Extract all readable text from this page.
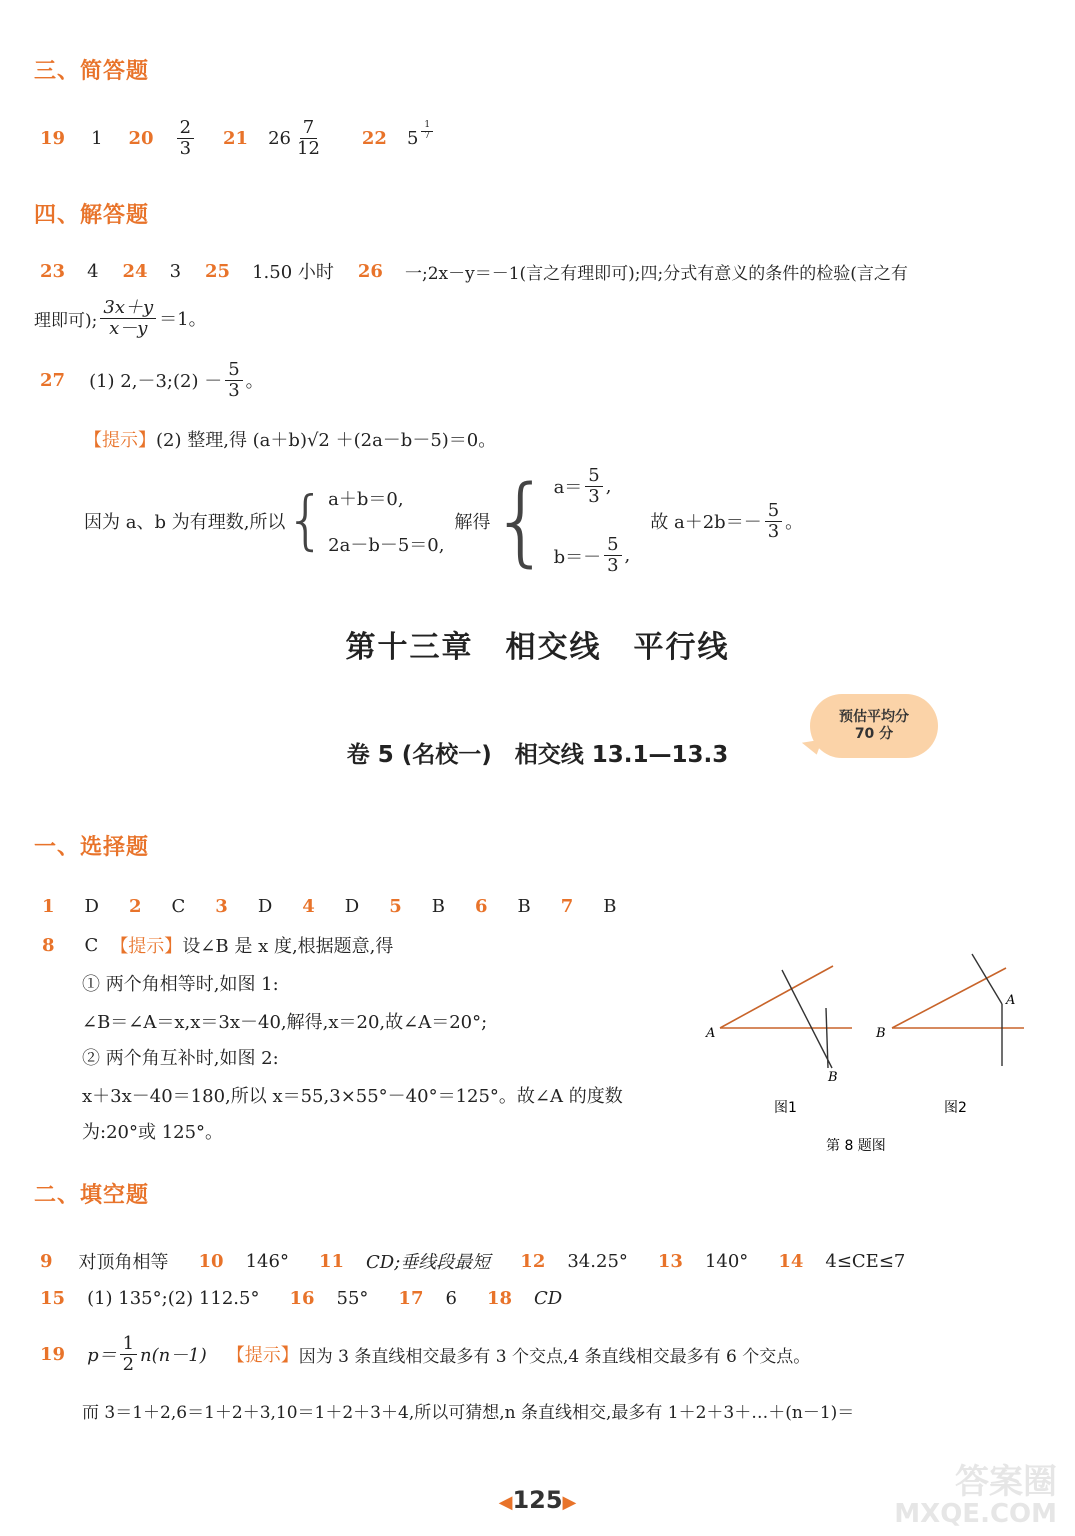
三、简答题
19 1 $20 \frac{2}{3} 21$ $26 \frac{7}{12} 22$ $5 \frac{1}{7}$
四、解答题
23 4 24 3 25 1.50 小时 26 一;2x－y＝－1(言之有理即可);四;分式有意义的条件的检验(言之有
理即可); $\frac{3x+y}{x-y} =1$。
27 (1) 2,－3;(2) － $\frac{5}{3}$ 。
【提示】 (2) 整理,得 (a＋b)√2 ＋(2a－b－5)＝0。
因为 a、b 为有理数,所以 { a＋b＝0,
2a－b－5＝0,
解得 { $a= \frac{5}{3}$ ,
$b=- \frac{5}{3}$ ,
故 $a+2b=- \frac{5}{3}$ 。
第十三章　相交线　平行线
卷 5 (名校一)　相交线 13.1—13.3
预估平均分
70 分
一、选择题
1 D 2 C 3 D 4 D 5 B 6 B 7 B
8 C 【提示】 设∠B 是 x 度,根据题意,得
① 两个角相等时,如图 1:
∠B＝∠A＝x,x＝3x－40,解得,x＝20,故∠A＝20°;
② 两个角互补时,如图 2:
x＋3x－40＝180,所以 x＝55,3×55°－40°＝125°。故∠A 的度数
为:20°或 125°。
A
B
图1
B
A
图2
第 8 题图
二、填空题
9 对顶角相等 10 146° 11 CD;垂线段最短 12 34.25° 13 140° 14 4≤CE≤7
15 (1) 135°;(2) 112.5° 16 55° 17 6 18 CD
19 $p= \frac{1}{2} n(n-1)$ 【提示】 因为 3 条直线相交最多有 3 个交点,4 条直线相交最多有 6 个交点。
而 3＝1＋2,6＝1＋2＋3,10＝1＋2＋3＋4,所以可猜想,n 条直线相交,最多有 1＋2＋3＋…＋(n－1)＝
◀125▶
答案圈
MXQE.COM
